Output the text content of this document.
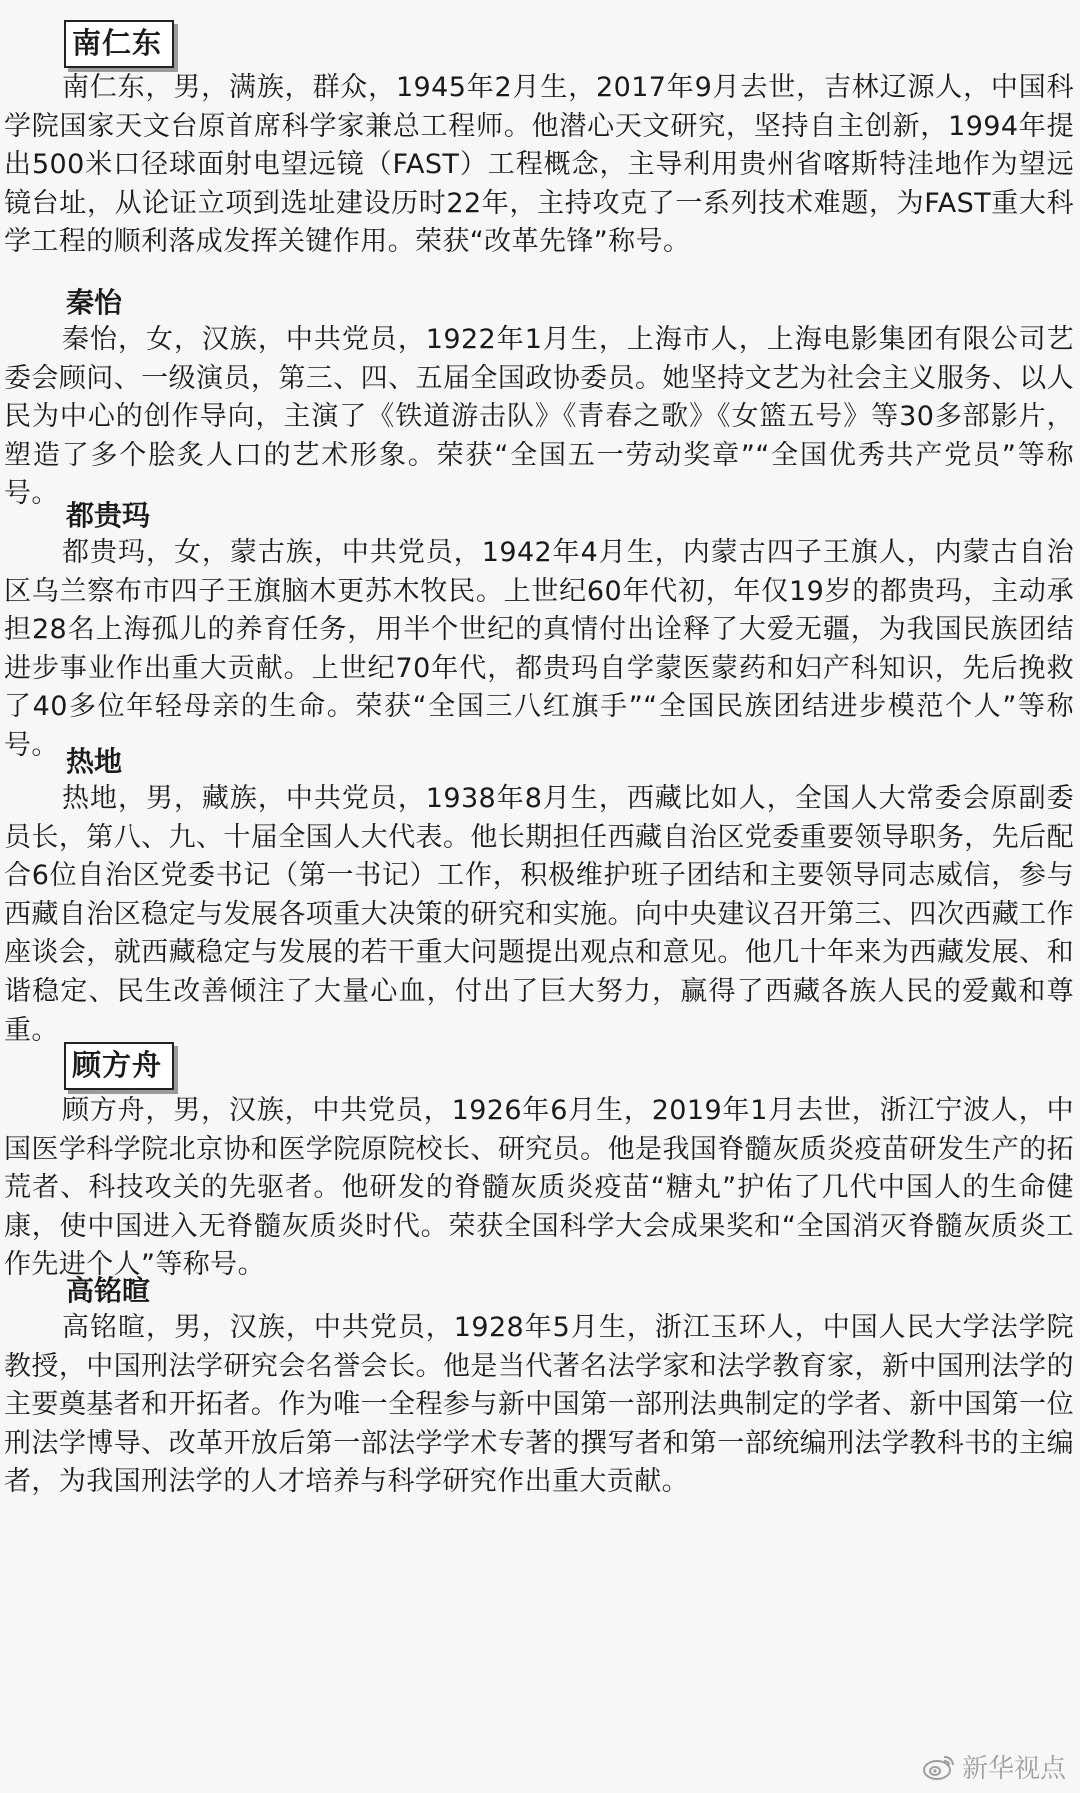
南仁东

南仁东，男，满族，群众，1945年2月生，2017年9月去世，吉林辽源人，中国科学院国家天文台原首席科学家兼总工程师。他潜心天文研究，坚持自主创新，1994年提出500米口径球面射电望远镜（FAST）工程概念，主导利用贵州省喀斯特洼地作为望远镜台址，从论证立项到选址建设历时22年，主持攻克了一系列技术难题，为FAST重大科学工程的顺利落成发挥关键作用。荣获“改革先锋”称号。

秦怡

秦怡，女，汉族，中共党员，1922年1月生，上海市人，上海电影集团有限公司艺委会顾问、一级演员，第三、四、五届全国政协委员。她坚持文艺为社会主义服务、以人民为中心的创作导向，主演了《铁道游击队》《青春之歌》《女篮五号》等30多部影片，塑造了多个脍炙人口的艺术形象。荣获“全国五一劳动奖章”“全国优秀共产党员”等称号。

都贵玛

都贵玛，女，蒙古族，中共党员，1942年4月生，内蒙古四子王旗人，内蒙古自治区乌兰察布市四子王旗脑木更苏木牧民。上世纪60年代初，年仅19岁的都贵玛，主动承担28名上海孤儿的养育任务，用半个世纪的真情付出诠释了大爱无疆，为我国民族团结进步事业作出重大贡献。上世纪70年代，都贵玛自学蒙医蒙药和妇产科知识，先后挽救了40多位年轻母亲的生命。荣获“全国三八红旗手”“全国民族团结进步模范个人”等称号。 热地

热地，男，藏族，中共党员，1938年8月生，西藏比如人，全国人大常委会原副委员长，第八、九、十届全国人大代表。他长期担任西藏自治区党委重要领导职务，先后配合6位自治区党委书记（第一书记）工作，积极维护班子团结和主要领导同志威信，参与西藏自治区稳定与发展各项重大决策的研究和实施。向中央建议召开第三、四次西藏工作座谈会，就西藏稳定与发展的若干重大问题提出观点和意见。他几十年来为西藏发展、和谐稳定、民生改善倾注了大量心血，付出了巨大努力，赢得了西藏各族人民的爱戴和尊重。

顾方舟

顾方舟，男，汉族，中共党员，1926年6月生，2019年1月去世，浙江宁波人，中国医学科学院北京协和医学院原院校长、研究员。他是我国脊髓灰质炎疫苗研发生产的拓荒者、科技攻关的先驱者。他研发的脊髓灰质炎疫苗“糖丸”护佑了几代中国人的生命健康，使中国进入无脊髓灰质炎时代。荣获全国科学大会成果奖和“全国消灭脊髓灰质炎工作先进个人”等称号。

高铭暄

高铭暄，男，汉族，中共党员，1928年5月生，浙江玉环人，中国人民大学法学院教授，中国刑法学研究会名誉会长。他是当代著名法学家和法学教育家，新中国刑法学的主要奠基者和开拓者。作为唯一全程参与新中国第一部刑法典制定的学者、新中国第一位刑法学博导、改革开放后第一部法学学术专著的撰写者和第一部统编刑法学教科书的主编者，为我国刑法学的人才培养与科学研究作出重大贡献。

新华视点
